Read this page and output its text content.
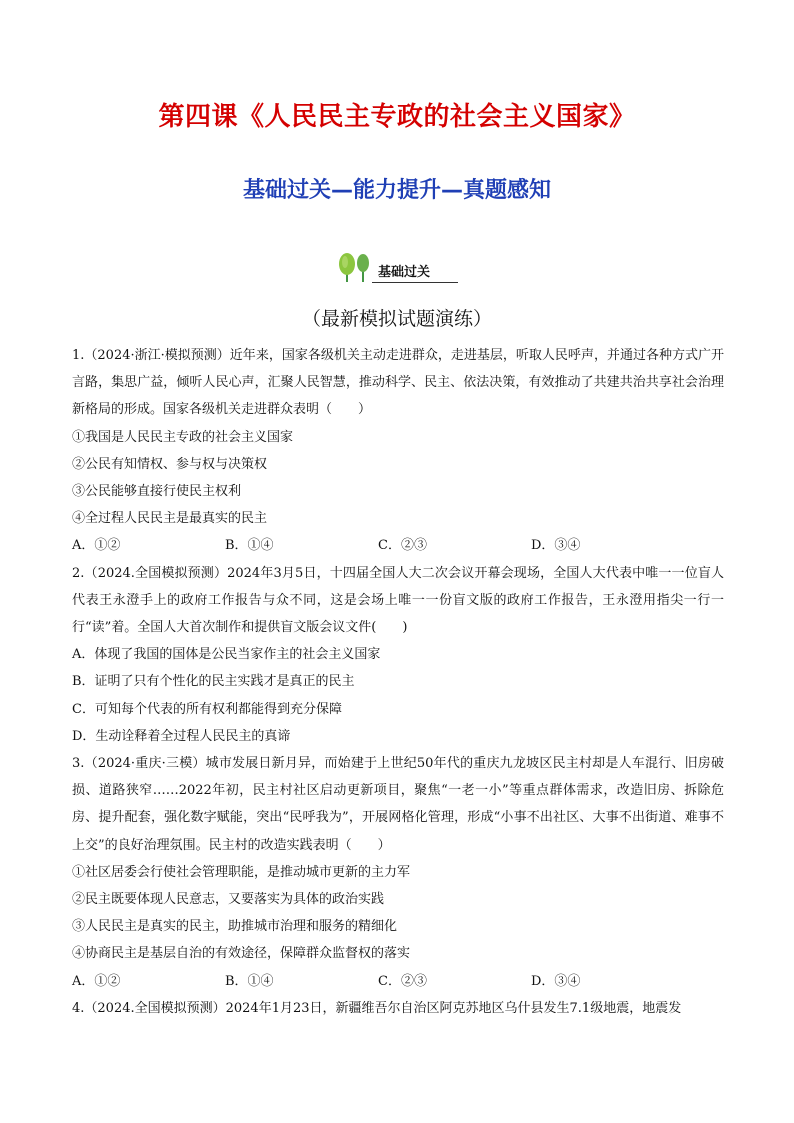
第四课《人民民主专政的社会主义国家》
基础过关—能力提升—真题感知
基础过关
（最新模拟试题演练）

1.（2024·浙江·模拟预测）近年来，国家各级机关主动走进群众，走进基层，听取人民呼声，并通过各种方式广开言路，集思广益，倾听人民心声，汇聚人民智慧，推动科学、民主、依法决策，有效推动了共建共治共享社会治理新格局的形成。国家各级机关走进群众表明（　　）

①我国是人民民主专政的社会主义国家

②公民有知情权、参与权与决策权

③公民能够直接行使民主权利

④全过程人民民主是最真实的民主

A．①②	B．①④	C．②③	D．③④

2.（2024.全国模拟预测）2024年3月5日，十四届全国人大二次会议开幕会现场，全国人大代表中唯一一位盲人代表王永澄手上的政府工作报告与众不同，这是会场上唯一一份盲文版的政府工作报告，王永澄用指尖一行一行“读”着。全国人大首次制作和提供盲文版会议文件(　　)

A．体现了我国的国体是公民当家作主的社会主义国家

B．证明了只有个性化的民主实践才是真正的民主

C．可知每个代表的所有权利都能得到充分保障

D．生动诠释着全过程人民民主的真谛

3.（2024·重庆·三模）城市发展日新月异，而始建于上世纪50年代的重庆九龙坡区民主村却是人车混行、旧房破损、道路狭窄……2022年初，民主村社区启动更新项目，聚焦“一老一小”等重点群体需求，改造旧房、拆除危房、提升配套，强化数字赋能，突出“民呼我为”，开展网格化管理，形成“小事不出社区、大事不出街道、难事不上交”的良好治理氛围。民主村的改造实践表明（　　）

①社区居委会行使社会管理职能，是推动城市更新的主力军

②民主既要体现人民意志，又要落实为具体的政治实践

③人民民主是真实的民主，助推城市治理和服务的精细化

④协商民主是基层自治的有效途径，保障群众监督权的落实

A．①②	B．①④	C．②③	D．③④

4.（2024.全国模拟预测）2024年1月23日，新疆维吾尔自治区阿克苏地区乌什县发生7.1级地震，地震发
